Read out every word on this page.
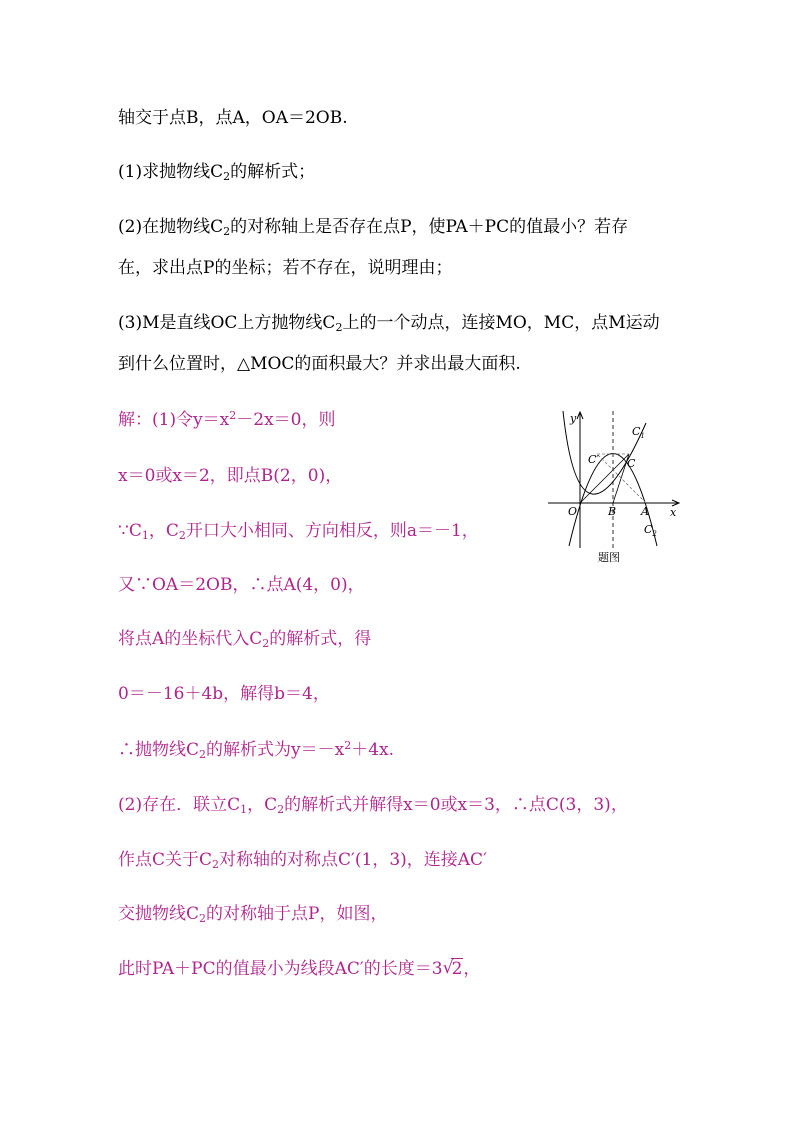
轴交于点B，点A，OA＝2OB.
(1)求抛物线$C_2$的解析式；
(2)在抛物线$C_2$的对称轴上是否存在点P，使PA＋PC的值最小？若存
在，求出点P的坐标；若不存在，说明理由；
(3)M是直线OC上方抛物线$C_2$上的一个动点，连接MO，MC，点M运动
到什么位置时，△MOC的面积最大？并求出最大面积.
解：(1)令$y=x^2-2x=0$，则
x＝0或x＝2，即点B(2，0)，
$\because C_1$，$C_2$开口大小相同、方向相反，则a＝－1，
又∵OA＝2OB，∴点A(4，0)，
将点A的坐标代入$C_2$的解析式，得
0＝－16＋4b，解得b＝4，
∴抛物线$C_2$的解析式为$y=-x^2+4x$.
(2)存在．联立$C_1$，$C_2$的解析式并解得x＝0或x＝3，∴点C(3，3)，
作点C关于$C_2$对称轴的对称点C′(1，3)，连接AC′
交抛物线$C_2$的对称轴于点P，如图，
此时PA＋PC的值最小为线段AC′的长度＝3 √
2，
y
x
O	B A
C
C′
$C_1$
$C_2$
题图
